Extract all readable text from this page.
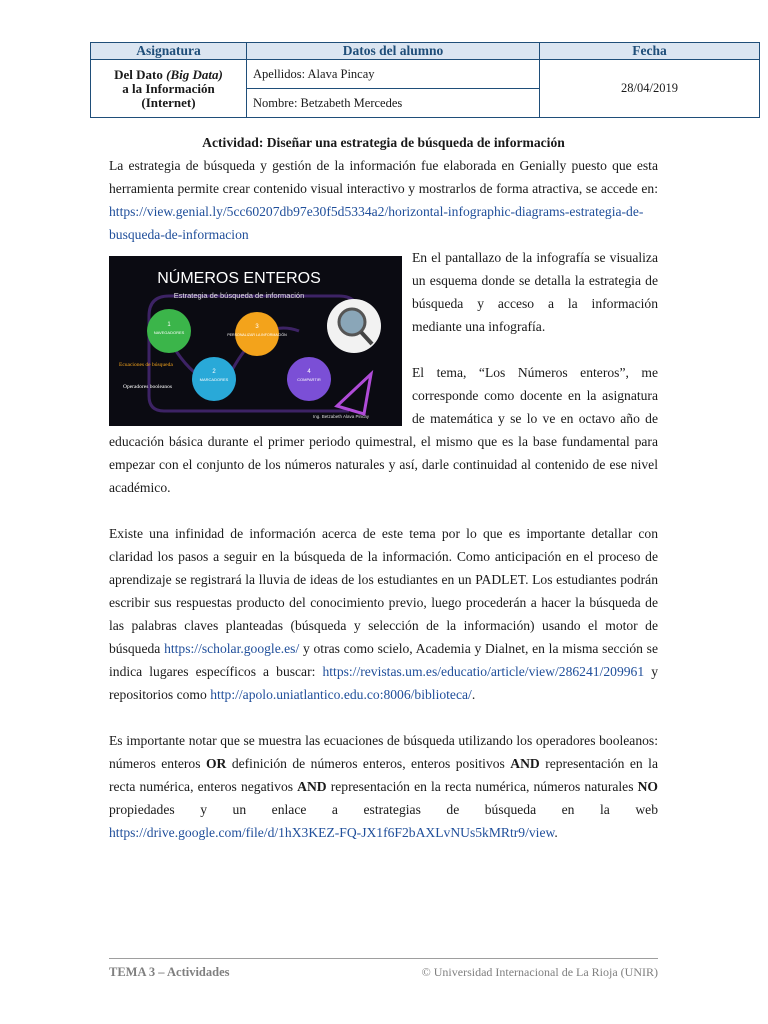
Asignatura	Datos del alumno	Fecha
Del Dato (Big Data)
a la Información
(Internet)	Apellidos: Alava Pincay	28/04/2019
	Nombre: Betzabeth Mercedes	

Actividad: Diseñar una estrategia de búsqueda de información

La estrategia de búsqueda y gestión de la información fue elaborada en Genially puesto que esta herramienta permite crear contenido visual interactivo y mostrarlos de forma atractiva, se accede en: https://view.genial.ly/5cc60207db97e30f5d5334a2/horizontal-infographic-diagrams-estrategia-de-busqueda-de-informacion

NÚMEROS ENTEROS
Estrategia de búsqueda de información
1
NAVEGADORES
3
PERSONALIZAR LA INFORMACIÓN
2
MARCADORES
4
COMPARTIR
Ecuaciones de búsqueda
Operadores booleanos
Ing. Betzabeth Alava Pincay

En el pantallazo de la infografía se visualiza un esquema donde se detalla la estrategia de búsqueda y acceso a la información mediante una infografía.

El tema, “Los Números enteros”, me corresponde como docente en la asignatura de matemática y se lo ve en octavo año de educación básica durante el primer periodo quimestral, el mismo que es la base fundamental para empezar con el conjunto de los números naturales y así, darle continuidad al contenido de ese nivel académico.

Existe una infinidad de información acerca de este tema por lo que es importante detallar con claridad los pasos a seguir en la búsqueda de la información. Como anticipación en el proceso de aprendizaje se registrará la lluvia de ideas de los estudiantes en un PADLET. Los estudiantes podrán escribir sus respuestas producto del conocimiento previo, luego procederán a hacer la búsqueda de las palabras claves planteadas (búsqueda y selección de la información) usando el motor de búsqueda https://scholar.google.es/ y otras como scielo, Academia y Dialnet, en la misma sección se indica lugares específicos a buscar: https://revistas.um.es/educatio/article/view/286241/209961 y repositorios como http://apolo.uniatlantico.edu.co:8006/biblioteca/.

Es importante notar que se muestra las ecuaciones de búsqueda utilizando los operadores booleanos: números enteros OR definición de números enteros, enteros positivos AND representación en la recta numérica, enteros negativos AND representación en la recta numérica, números naturales NO propiedades y un enlace a estrategias de búsqueda en la web https://drive.google.com/file/d/1hX3KEZ-FQ-JX1f6F2bAXLvNUs5kMRtr9/view.

TEMA 3 – Actividades	© Universidad Internacional de La Rioja (UNIR)
